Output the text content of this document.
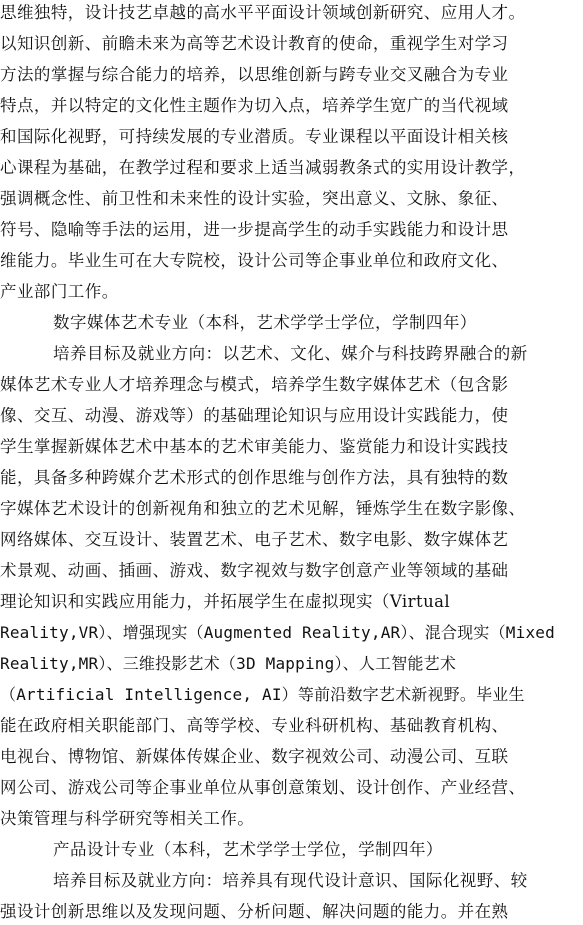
思维独特，设计技艺卓越的高水平平面设计领域创新研究、应用人才。
以知识创新、前瞻未来为高等艺术设计教育的使命，重视学生对学习
方法的掌握与综合能力的培养，以思维创新与跨专业交叉融合为专业
特点，并以特定的文化性主题作为切入点，培养学生宽广的当代视域
和国际化视野，可持续发展的专业潜质。专业课程以平面设计相关核
心课程为基础，在教学过程和要求上适当减弱教条式的实用设计教学，
强调概念性、前卫性和未来性的设计实验，突出意义、文脉、象征、
符号、隐喻等手法的运用，进一步提高学生的动手实践能力和设计思
维能力。毕业生可在大专院校，设计公司等企事业单位和政府文化、
产业部门工作。
数字媒体艺术专业（本科，艺术学学士学位，学制四年）
培养目标及就业方向：以艺术、文化、媒介与科技跨界融合的新
媒体艺术专业人才培养理念与模式，培养学生数字媒体艺术（包含影
像、交互、动漫、游戏等）的基础理论知识与应用设计实践能力，使
学生掌握新媒体艺术中基本的艺术审美能力、鉴赏能力和设计实践技
能，具备多种跨媒介艺术形式的创作思维与创作方法，具有独特的数
字媒体艺术设计的创新视角和独立的艺术见解，锤炼学生在数字影像、
网络媒体、交互设计、装置艺术、电子艺术、数字电影、数字媒体艺
术景观、动画、插画、游戏、数字视效与数字创意产业等领域的基础
理论知识和实践应用能力，并拓展学生在虚拟现实（Virtual
Reality,VR）、增强现实（Augmented Reality,AR）、混合现实（Mixed
Reality,MR）、三维投影艺术（3D Mapping）、人工智能艺术
（Artificial Intelligence, AI）等前沿数字艺术新视野。毕业生
能在政府相关职能部门、高等学校、专业科研机构、基础教育机构、
电视台、博物馆、新媒体传媒企业、数字视效公司、动漫公司、互联
网公司、游戏公司等企事业单位从事创意策划、设计创作、产业经营、
决策管理与科学研究等相关工作。
产品设计专业（本科，艺术学学士学位，学制四年）
培养目标及就业方向：培养具有现代设计意识、国际化视野、较
强设计创新思维以及发现问题、分析问题、解决问题的能力。并在熟
